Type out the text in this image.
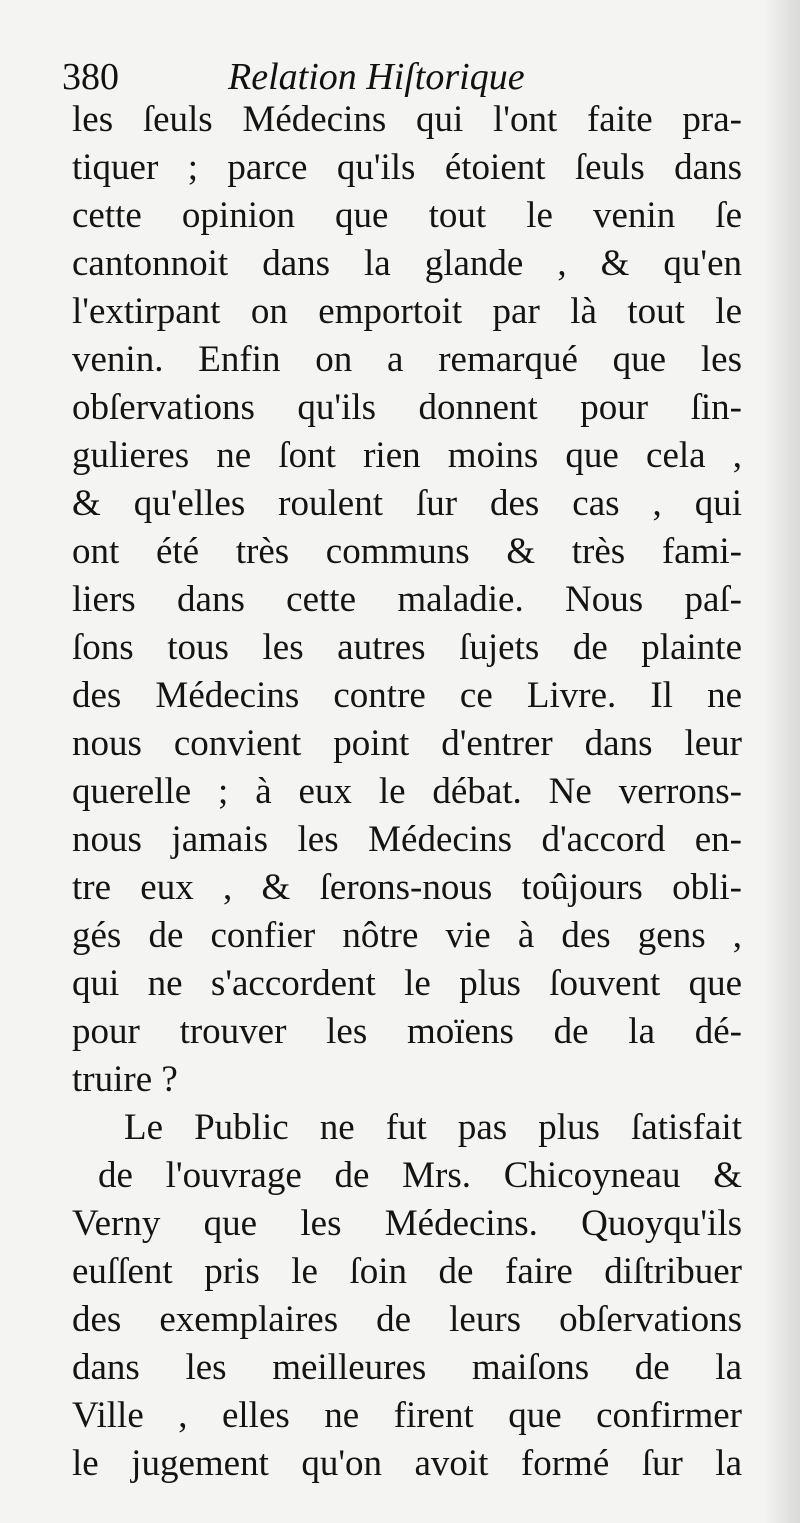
380	Relation Hiſtorique
les ſeuls Médecins qui l'ont faite pra-
tiquer ; parce qu'ils étoient ſeuls dans
cette opinion que tout le venin ſe
cantonnoit dans la glande , & qu'en
l'extirpant on emportoit par là tout le
venin. Enfin on a remarqué que les
obſervations qu'ils donnent pour ſin-
gulieres ne ſont rien moins que cela ,
& qu'elles roulent ſur des cas , qui
ont été très communs & très fami-
liers dans cette maladie. Nous paſ-
ſons tous les autres ſujets de plainte
des Médecins contre ce Livre. Il ne
nous convient point d'entrer dans leur
querelle ; à eux le débat. Ne verrons-
nous jamais les Médecins d'accord en-
tre eux , & ſerons-nous toûjours obli-
gés de confier nôtre vie à des gens ,
qui ne s'accordent le plus ſouvent que
pour trouver les moïens de la dé-
truire ?
Le Public ne fut pas plus ſatisfait
de l'ouvrage de Mrs. Chicoyneau &
Verny que les Médecins. Quoyqu'ils
euſſent pris le ſoin de faire diſtribuer
des exemplaires de leurs obſervations
dans les meilleures maiſons de la
Ville , elles ne firent que confirmer
le jugement qu'on avoit formé ſur la
